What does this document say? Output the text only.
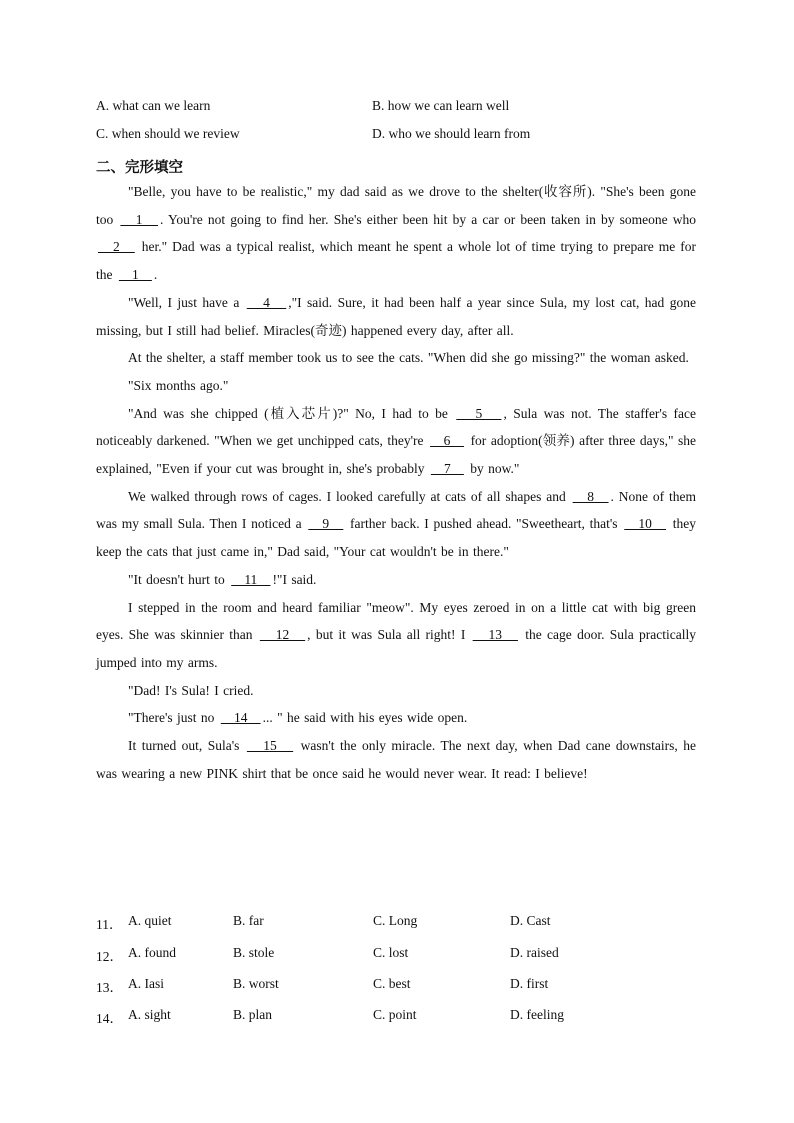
A. what can we learn	B. how we can learn well
C. when should we review	D. who we should learn from
二、完形填空

"Belle, you have to be realistic," my dad said as we drove to the shelter(收容所). "She's been gone too    1   . You're not going to find her. She's either been hit by a car or been taken in by someone who    2    her." Dad was a typical realist, which meant he spent a whole lot of time trying to prepare me for the    1   .

"Well, I just have a    4   ,"I said. Sure, it had been half a year since Sula, my lost cat, had gone missing, but I still had belief. Miracles(奇迹) happened every day, after all.

At the shelter, a staff member took us to see the cats. "When did she go missing?" the woman asked.

"Six months ago."

"And was she chipped (植入芯片)?" No, I had to be    5   , Sula was not. The staffer's face noticeably darkened. "When we get unchipped cats, they're    6    for adoption(领养) after three days," she explained, "Even if your cut was brought in, she's probably    7    by now."

We walked through rows of cages. I looked carefully at cats of all shapes and    8   . None of them was my small Sula. Then I noticed a    9    farther back. I pushed ahead. "Sweetheart, that's    10    they keep the cats that just came in," Dad said, "Your cat wouldn't be in there."

"It doesn't hurt to    11   !"I said.

I stepped in the room and heard familiar "meow". My eyes zeroed in on a little cat with big green eyes. She was skinnier than    12   , but it was Sula all right! I    13    the cage door. Sula practically jumped into my arms.

"Dad! I's Sula! I cried.

"There's just no    14   ... " he said with his eyes wide open.

It turned out, Sula's    15    wasn't the only miracle. The next day, when Dad cane downstairs, he was wearing a new PINK shirt that be once said he would never wear. It read: I believe!

11． A. quiet	B. far	C. Long	D. Cast
12． A. found	B. stole	C. lost	D. raised
13． A. Iasi	B. worst	C. best	D. first
14． A. sight	B. plan	C. point	D. feeling
